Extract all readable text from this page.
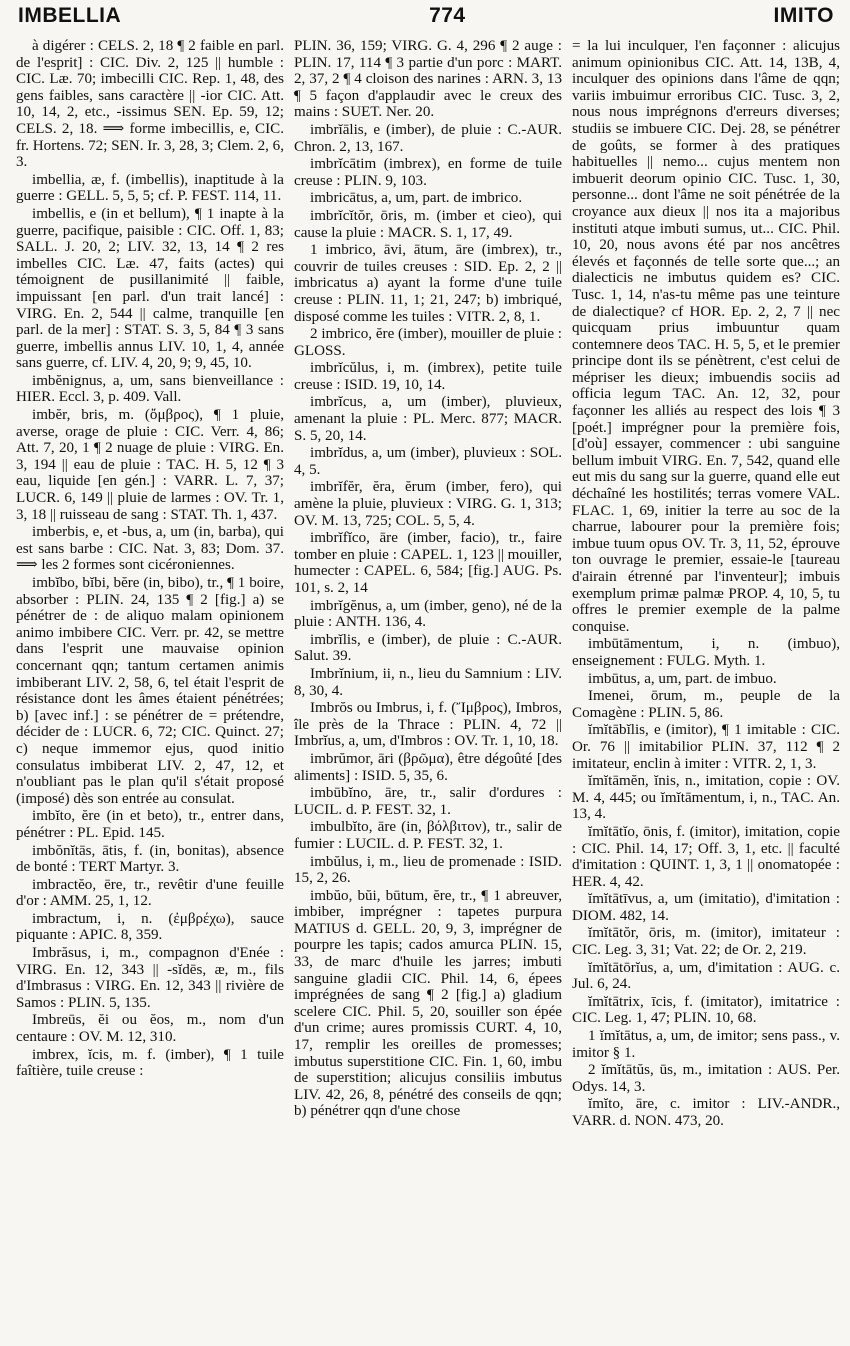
IMBELLIA	774	IMITO

à digérer : CELS. 2, 18 ¶ 2 faible en parl. de l'esprit] : CIC. Div. 2, 125 || humble : CIC. Læ. 70; imbecilli CIC. Rep. 1, 48, des gens faibles, sans caractère || -ior CIC. Att. 10, 14, 2, etc., -issimus SEN. Ep. 59, 12; CELS. 2, 18. ⟹ forme imbecillis, e, CIC. fr. Hortens. 72; SEN. Ir. 3, 28, 3; Clem. 2, 6, 3.

imbellia, æ, f. (imbellis), inaptitude à la guerre : GELL. 5, 5, 5; cf. P. FEST. 114, 11.

imbellis, e (in et bellum), ¶ 1 inapte à la guerre, pacifique, paisible : CIC. Off. 1, 83; SALL. J. 20, 2; LIV. 32, 13, 14 ¶ 2 res imbelles CIC. Læ. 47, faits (actes) qui témoignent de pusillanimité || faible, impuissant [en parl. d'un trait lancé] : VIRG. En. 2, 544 || calme, tranquille [en parl. de la mer] : STAT. S. 3, 5, 84 ¶ 3 sans guerre, imbellis annus LIV. 10, 1, 4, année sans guerre, cf. LIV. 4, 20, 9; 9, 45, 10.

imbĕnignus, a, um, sans bienveillance : HIER. Eccl. 3, p. 409. Vall.

imbĕr, bris, m. (ὄμβρος), ¶ 1 pluie, averse, orage de pluie : CIC. Verr. 4, 86; Att. 7, 20, 1 ¶ 2 nuage de pluie : VIRG. En. 3, 194 || eau de pluie : TAC. H. 5, 12 ¶ 3 eau, liquide [en gén.] : VARR. L. 7, 37; LUCR. 6, 149 || pluie de larmes : OV. Tr. 1, 3, 18 || ruisseau de sang : STAT. Th. 1, 437.

imberbis, e, et -bus, a, um (in, barba), qui est sans barbe : CIC. Nat. 3, 83; Dom. 37. ⟹ les 2 formes sont cicéroniennes.

imbĭbo, bĭbi, bĕre (in, bibo), tr., ¶ 1 boire, absorber : PLIN. 24, 135 ¶ 2 [fig.] a) se pénétrer de : de aliquo malam opinionem animo imbibere CIC. Verr. pr. 42, se mettre dans l'esprit une mauvaise opinion concernant qqn; tantum certamen animis imbiberant LIV. 2, 58, 6, tel était l'esprit de résistance dont les âmes étaient pénétrées; b) [avec inf.] : se pénétrer de = prétendre, décider de : LUCR. 6, 72; CIC. Quinct. 27; c) neque immemor ejus, quod initio consulatus imbiberat LIV. 2, 47, 12, et n'oubliant pas le plan qu'il s'était proposé (imposé) dès son entrée au consulat.

imbĭto, ĕre (in et beto), tr., entrer dans, pénétrer : PL. Epid. 145.

imbŏnĭtās, ātis, f. (in, bonitas), absence de bonté : TERT Martyr. 3.

imbractĕo, ēre, tr., revêtir d'une feuille d'or : AMM. 25, 1, 12.

imbractum, i, n. (ἐμβρέχω), sauce piquante : APIC. 8, 359.

Imbrăsus, i, m., compagnon d'Enée : VIRG. En. 12, 343 || -sĭdēs, æ, m., fils d'Imbrasus : VIRG. En. 12, 343 || rivière de Samos : PLIN. 5, 135.

Imbreūs, ĕi ou ĕos, m., nom d'un centaure : OV. M. 12, 310.

imbrex, ĭcis, m. f. (imber), ¶ 1 tuile faîtière, tuile creuse :

PLIN. 36, 159; VIRG. G. 4, 296 ¶ 2 auge : PLIN. 17, 114 ¶ 3 partie d'un porc : MART. 2, 37, 2 ¶ 4 cloison des narines : ARN. 3, 13 ¶ 5 façon d'applaudir avec le creux des mains : SUET. Ner. 20.

imbrĭālis, e (imber), de pluie : C.-AUR. Chron. 2, 13, 167.

imbrĭcātim (imbrex), en forme de tuile creuse : PLIN. 9, 103.

imbricātus, a, um, part. de imbrico.

imbrĭcĭtŏr, ōris, m. (imber et cieo), qui cause la pluie : MACR. S. 1, 17, 49.

1 imbrico, āvi, ātum, āre (imbrex), tr., couvrir de tuiles creuses : SID. Ep. 2, 2 || imbricatus a) ayant la forme d'une tuile creuse : PLIN. 11, 1; 21, 247; b) imbriqué, disposé comme les tuiles : VITR. 2, 8, 1.

2 imbrico, ĕre (imber), mouiller de pluie : GLOSS.

imbrĭcŭlus, i, m. (imbrex), petite tuile creuse : ISID. 19, 10, 14.

imbrĭcus, a, um (imber), pluvieux, amenant la pluie : PL. Merc. 877; MACR. S. 5, 20, 14.

imbrĭdus, a, um (imber), pluvieux : SOL. 4, 5.

imbrĭfĕr, ĕra, ĕrum (imber, fero), qui amène la pluie, pluvieux : VIRG. G. 1, 313; OV. M. 13, 725; COL. 5, 5, 4.

imbrĭfĭco, āre (imber, facio), tr., faire tomber en pluie : CAPEL. 1, 123 || mouiller, humecter : CAPEL. 6, 584; [fig.] AUG. Ps. 101, s. 2, 14

imbrĭgĕnus, a, um (imber, geno), né de la pluie : ANTH. 136, 4.

imbrĭlis, e (imber), de pluie : C.-AUR. Salut. 39.

Imbrĭnium, ii, n., lieu du Samnium : LIV. 8, 30, 4.

Imbrŏs ou Imbrus, i, f. (Ἴμβρος), Imbros, île près de la Thrace : PLIN. 4, 72 || Imbrĭus, a, um, d'Imbros : OV. Tr. 1, 10, 18.

imbrŭmor, āri (βρῶμα), être dégoûté [des aliments] : ISID. 5, 35, 6.

imbūbĭno, āre, tr., salir d'ordures : LUCIL. d. P. FEST. 32, 1.

imbulbĭto, āre (in, βόλβιτον), tr., salir de fumier : LUCIL. d. P. FEST. 32, 1.

imbŭlus, i, m., lieu de promenade : ISID. 15, 2, 26.

imbŭo, bŭi, būtum, ĕre, tr., ¶ 1 abreuver, imbiber, imprégner : tapetes purpura MATIUS d. GELL. 20, 9, 3, imprégner de pourpre les tapis; cados amurca PLIN. 15, 33, de marc d'huile les jarres; imbuti sanguine gladii CIC. Phil. 14, 6, épees imprégnées de sang ¶ 2 [fig.] a) gladium scelere CIC. Phil. 5, 20, souiller son épée d'un crime; aures promissis CURT. 4, 10, 17, remplir les oreilles de promesses; imbutus superstitione CIC. Fin. 1, 60, imbu de superstition; alicujus consiliis imbutus LIV. 42, 26, 8, pénétré des conseils de qqn; b) pénétrer qqn d'une chose

= la lui inculquer, l'en façonner : alicujus animum opinionibus CIC. Att. 14, 13B, 4, inculquer des opinions dans l'âme de qqn; variis imbuimur erroribus CIC. Tusc. 3, 2, nous nous imprégnons d'erreurs diverses; studiis se imbuere CIC. Dej. 28, se pénétrer de goûts, se former à des pratiques habituelles || nemo... cujus mentem non imbuerit deorum opinio CIC. Tusc. 1, 30, personne... dont l'âme ne soit pénétrée de la croyance aux dieux || nos ita a majoribus instituti atque imbuti sumus, ut... CIC. Phil. 10, 20, nous avons été par nos ancêtres élevés et façonnés de telle sorte que...; an dialecticis ne imbutus quidem es? CIC. Tusc. 1, 14, n'as-tu même pas une teinture de dialectique? cf HOR. Ep. 2, 2, 7 || nec quicquam prius imbuuntur quam contemnere deos TAC. H. 5, 5, et le premier principe dont ils se pénètrent, c'est celui de mépriser les dieux; imbuendis sociis ad officia legum TAC. An. 12, 32, pour façonner les alliés au respect des lois ¶ 3 [poét.] imprégner pour la première fois, [d'où] essayer, commencer : ubi sanguine bellum imbuit VIRG. En. 7, 542, quand elle eut mis du sang sur la guerre, quand elle eut déchaîné les hostilités; terras vomere VAL. FLAC. 1, 69, initier la terre au soc de la charrue, labourer pour la première fois; imbue tuum opus OV. Tr. 3, 11, 52, éprouve ton ouvrage le premier, essaie-le [taureau d'airain étrenné par l'inventeur]; imbuis exemplum primæ palmæ PROP. 4, 10, 5, tu offres le premier exemple de la palme conquise.

imbūtāmentum, i, n. (imbuo), enseignement : FULG. Myth. 1.

imbūtus, a, um, part. de imbuo.

Imenei, ōrum, m., peuple de la Comagène : PLIN. 5, 86.

ĭmĭtābĭlis, e (imitor), ¶ 1 imitable : CIC. Or. 76 || imitabilior PLIN. 37, 112 ¶ 2 imitateur, enclin à imiter : VITR. 2, 1, 3.

ĭmĭtāmĕn, ĭnis, n., imitation, copie : OV. M. 4, 445; ou ĭmĭtāmentum, i, n., TAC. An. 13, 4.

ĭmĭtātĭo, ōnis, f. (imitor), imitation, copie : CIC. Phil. 14, 17; Off. 3, 1, etc. || faculté d'imitation : QUINT. 1, 3, 1 || onomatopée : HER. 4, 42.

ĭmĭtātīvus, a, um (imitatio), d'imitation : DIOM. 482, 14.

ĭmĭtātŏr, ōris, m. (imitor), imitateur : CIC. Leg. 3, 31; Vat. 22; de Or. 2, 219.

ĭmĭtātōrĭus, a, um, d'imitation : AUG. c. Jul. 6, 24.

ĭmĭtātrix, īcis, f. (imitator), imitatrice : CIC. Leg. 1, 47; PLIN. 10, 68.

1 ĭmĭtātus, a, um, de imitor; sens pass., v. imitor § 1.

2 ĭmĭtātŭs, ūs, m., imitation : AUS. Per. Odys. 14, 3.

ĭmĭto, āre, c. imitor : LIV.-ANDR., VARR. d. NON. 473, 20.
